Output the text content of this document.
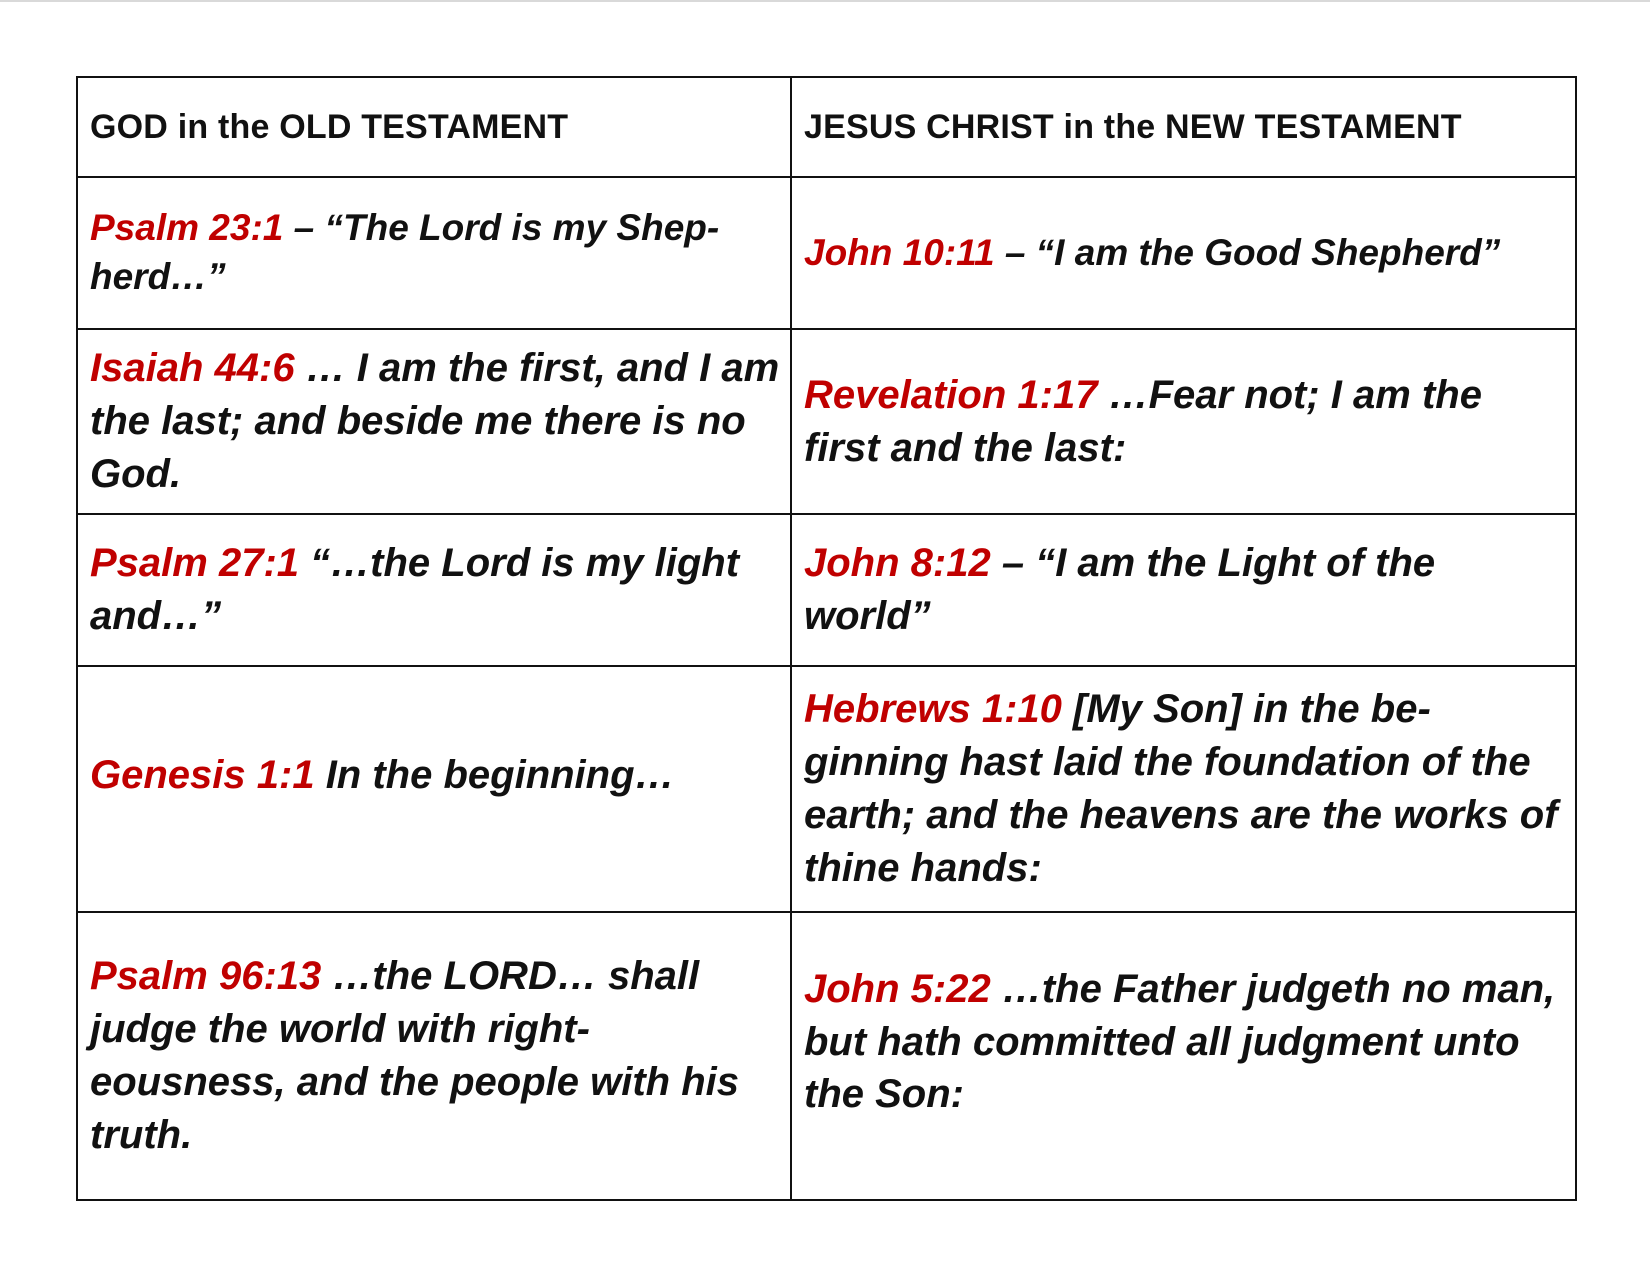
GOD in the OLD TESTAMENT	JESUS CHRIST in the NEW TESTAMENT

Psalm 23:1 – “The Lord is my Shep-herd…”	John 10:11 – “I am the Good Shepherd”

Isaiah 44:6 … I am the first, and I am the last; and beside me there is no God.	Revelation 1:17 …Fear not; I am the first and the last:

Psalm 27:1 “…the Lord is my light and…”	John 8:12 – “I am the Light of the world”

Genesis 1:1 In the beginning…	Hebrews 1:10 [My Son] in the be-ginning hast laid the foundation of the earth; and the heavens are the works of thine hands:

Psalm 96:13 …the LORD… shall judge the world with right-eousness, and the people with his truth.	John 5:22 …the Father judgeth no man, but hath committed all judgment unto the Son:
